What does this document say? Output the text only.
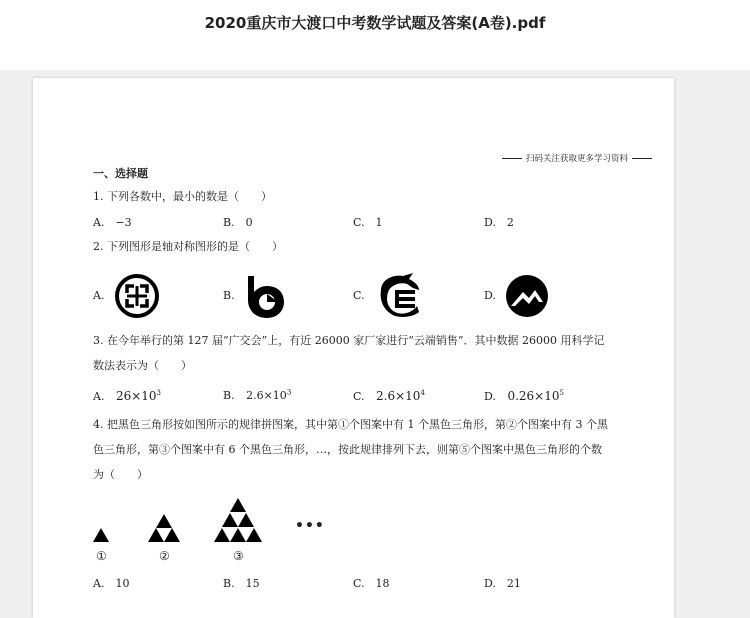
2020重庆市大渡口中考数学试题及答案(A卷).pdf
扫码关注获取更多学习资料
一、选择题
1. 下列各数中，最小的数是（　　）
A.　−3	B.　0	C.　1	D.　2
2. 下列图形是轴对称图形的是（　　）
A.	B.	C.	D.
3. 在今年举行的第 127 届“广交会”上，有近 26000 家厂家进行“云端销售”．其中数据 26000 用科学记
数法表示为（　　）
A. $26\times 10^3$	B. $2.6\times 10^3$	C. $2.6\times 10^4$	D. $0.26\times 10^5$
4. 把黑色三角形按如图所示的规律拼图案，其中第①个图案中有 1 个黑色三角形，第②个图案中有 3 个黑
色三角形，第③个图案中有 6 个黑色三角形，…，按此规律排列下去，则第⑤个图案中黑色三角形的个数
为（　　）
•••
①	②	③
A.　10	B.　15	C.　18	D.　21
